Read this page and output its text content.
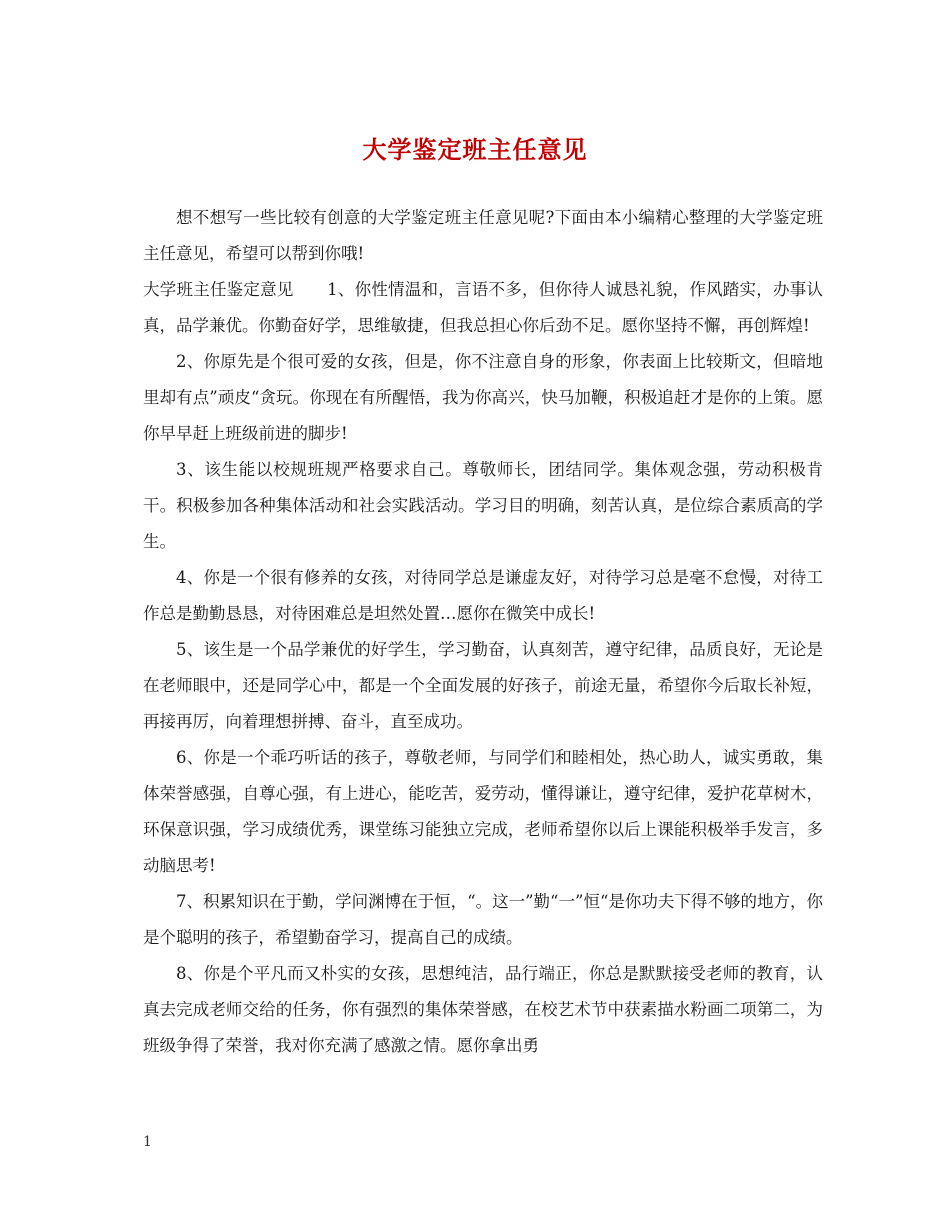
大学鉴定班主任意见

想不想写一些比较有创意的大学鉴定班主任意见呢?下面由本小编精心整理的大学鉴定班主任意见，希望可以帮到你哦!

大学班主任鉴定意见　　1、你性情温和，言语不多，但你待人诚恳礼貌，作风踏实，办事认真，品学兼优。你勤奋好学，思维敏捷，但我总担心你后劲不足。愿你坚持不懈，再创辉煌!

2、你原先是个很可爱的女孩，但是，你不注意自身的形象，你表面上比较斯文，但暗地里却有点”顽皮“贪玩。你现在有所醒悟，我为你高兴，快马加鞭，积极追赶才是你的上策。愿你早早赶上班级前进的脚步!

3、该生能以校规班规严格要求自己。尊敬师长，团结同学。集体观念强，劳动积极肯干。积极参加各种集体活动和社会实践活动。学习目的明确，刻苦认真，是位综合素质高的学生。

4、你是一个很有修养的女孩，对待同学总是谦虚友好，对待学习总是毫不怠慢，对待工作总是勤勤恳恳，对待困难总是坦然处置…愿你在微笑中成长!

5、该生是一个品学兼优的好学生，学习勤奋，认真刻苦，遵守纪律，品质良好，无论是在老师眼中，还是同学心中，都是一个全面发展的好孩子，前途无量，希望你今后取长补短，再接再厉，向着理想拼搏、奋斗，直至成功。

6、你是一个乖巧听话的孩子，尊敬老师，与同学们和睦相处，热心助人，诚实勇敢，集体荣誉感强，自尊心强，有上进心，能吃苦，爱劳动，懂得谦让，遵守纪律，爱护花草树木，环保意识强，学习成绩优秀，课堂练习能独立完成，老师希望你以后上课能积极举手发言，多动脑思考!

7、积累知识在于勤，学问渊博在于恒，“。这一”勤“一”恒“是你功夫下得不够的地方，你是个聪明的孩子，希望勤奋学习，提高自己的成绩。

8、你是个平凡而又朴实的女孩，思想纯洁，品行端正，你总是默默接受老师的教育，认真去完成老师交给的任务，你有强烈的集体荣誉感，在校艺术节中获素描水粉画二项第二，为班级争得了荣誉，我对你充满了感激之情。愿你拿出勇

1
